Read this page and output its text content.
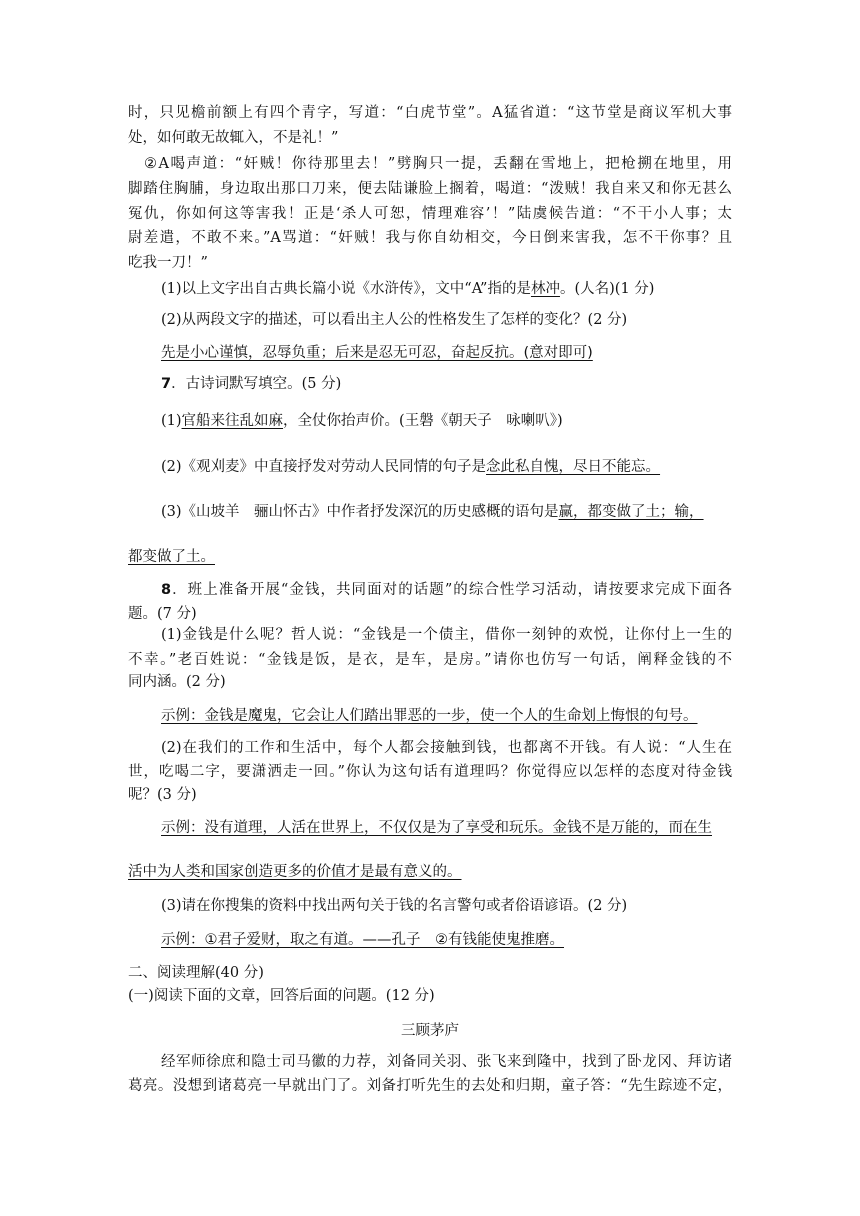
时，只见檐前额上有四个青字，写道：“白虎节堂”。A猛省道：“这节堂是商议军机大事
处，如何敢无故辄入，不是礼！”
②A喝声道：“奸贼！你待那里去！”劈胸只一提，丢翻在雪地上，把枪搠在地里，用
脚踏住胸脯，身边取出那口刀来，便去陆谦脸上搁着，喝道：“泼贼！我自来又和你无甚么
冤仇，你如何这等害我！正是‘杀人可恕，情理难容’！”陆虞候告道：“不干小人事；太
尉差遣，不敢不来。”A骂道：“奸贼！我与你自幼相交，今日倒来害我，怎不干你事？且
吃我一刀！”
(1)以上文字出自古典长篇小说《水浒传》，文中“A”指的是林冲。(人名)(1 分)
(2)从两段文字的描述，可以看出主人公的性格发生了怎样的变化？(2 分)
先是小心谨慎，忍辱负重；后来是忍无可忍，奋起反抗。(意对即可)
7．古诗词默写填空。(5 分)
(1)官船来往乱如麻，全仗你抬声价。(王磐《朝天子　咏喇叭》)
(2)《观刈麦》中直接抒发对劳动人民同情的句子是念此私自愧，尽日不能忘。
(3)《山坡羊　骊山怀古》中作者抒发深沉的历史感概的语句是赢，都变做了土；输，
都变做了土。
8．班上准备开展“金钱，共同面对的话题”的综合性学习活动，请按要求完成下面各
题。(7 分)
(1)金钱是什么呢？哲人说：“金钱是一个债主，借你一刻钟的欢悦，让你付上一生的
不幸。”老百姓说：“金钱是饭，是衣，是车，是房。”请你也仿写一句话，阐释金钱的不
同内涵。(2 分)
示例：金钱是魔鬼，它会让人们踏出罪恶的一步，使一个人的生命划上悔恨的句号。
(2)在我们的工作和生活中，每个人都会接触到钱，也都离不开钱。有人说：“人生在
世，吃喝二字，要潇洒走一回。”你认为这句话有道理吗？你觉得应以怎样的态度对待金钱
呢？(3 分)
示例：没有道理，人活在世界上，不仅仅是为了享受和玩乐。金钱不是万能的，而在生
活中为人类和国家创造更多的价值才是最有意义的。
(3)请在你搜集的资料中找出两句关于钱的名言警句或者俗语谚语。(2 分)
示例：①君子爱财，取之有道。——孔子　②有钱能使鬼推磨。
二、阅读理解(40 分)
(一)阅读下面的文章，回答后面的问题。(12 分)
三顾茅庐
经军师徐庶和隐士司马徽的力荐，刘备同关羽、张飞来到隆中，找到了卧龙冈、拜访诸
葛亮。没想到诸葛亮一早就出门了。刘备打听先生的去处和归期，童子答：“先生踪迹不定，
